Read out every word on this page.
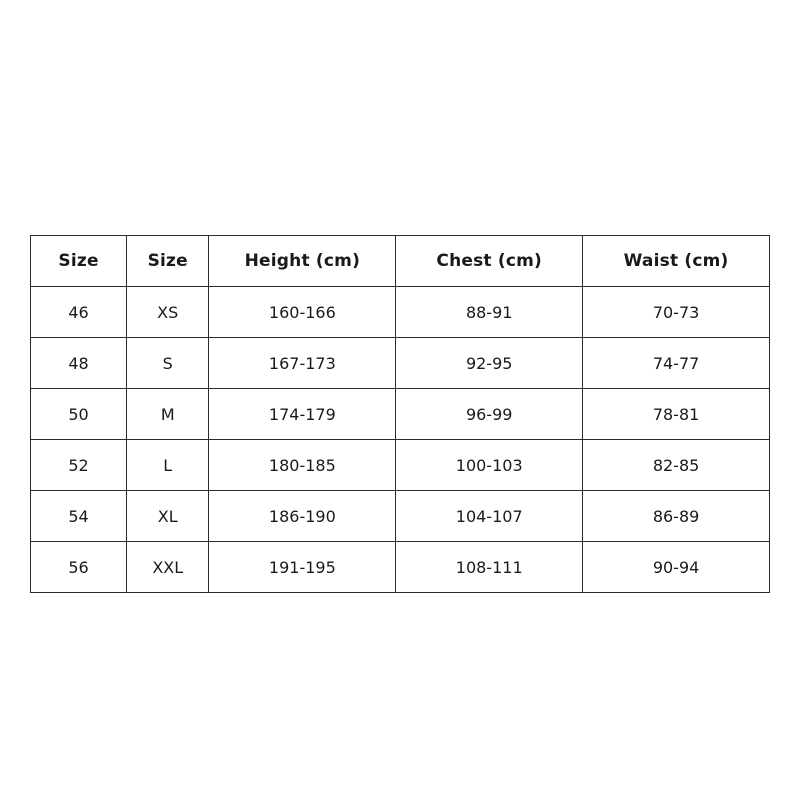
Size	Size	Height (cm)	Chest (cm)	Waist (cm)
46	XS	160-166	88-91	70-73
48	S	167-173	92-95	74-77
50	M	174-179	96-99	78-81
52	L	180-185	100-103	82-85
54	XL	186-190	104-107	86-89
56	XXL	191-195	108-111	90-94
